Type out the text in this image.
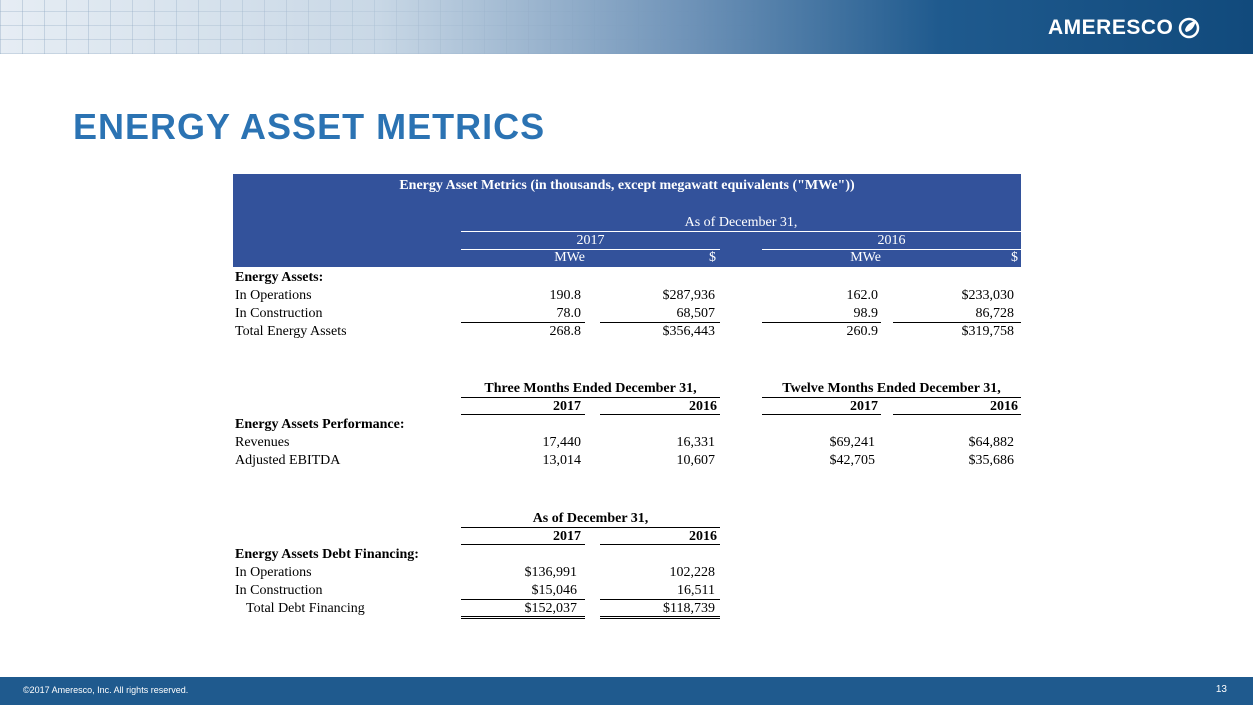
AMERESCO
ENERGY ASSET METRICS
Energy Asset Metrics (in thousands, except megawatt equivalents ("MWe"))
As of December 31,
2017	2016
MWe	$	MWe	$
Energy Assets:
In Operations	190.8	$287,936	162.0	$233,030
In Construction	78.0	68,507	98.9	86,728
Total Energy Assets	268.8	$356,443	260.9	$319,758
Three Months Ended December 31,	Twelve Months Ended December 31,
2017	2016	2017	2016
Energy Assets Performance:
Revenues	17,440	16,331	$69,241	$64,882
Adjusted EBITDA	13,014	10,607	$42,705	$35,686
As of December 31,
2017	2016
Energy Assets Debt Financing:
In Operations	$136,991	102,228
In Construction	$15,046	16,511
Total Debt Financing	$152,037	$118,739
©2017 Ameresco, Inc. All rights reserved.	13
